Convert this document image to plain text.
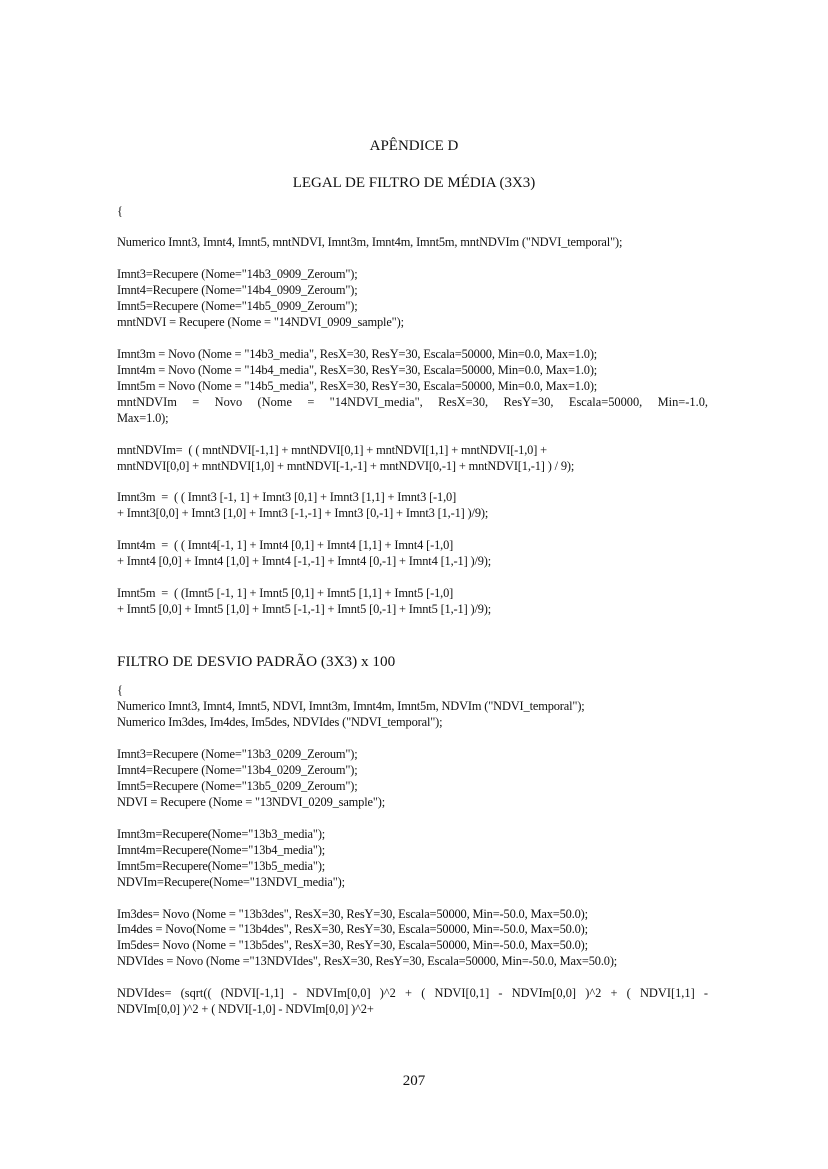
APÊNDICE D
LEGAL DE FILTRO DE MÉDIA (3X3)
{
Numerico Imnt3, Imnt4, Imnt5, mntNDVI, Imnt3m, Imnt4m, Imnt5m, mntNDVIm ("NDVI_temporal");
Imnt3=Recupere (Nome="14b3_0909_Zeroum");
Imnt4=Recupere (Nome="14b4_0909_Zeroum");
Imnt5=Recupere (Nome="14b5_0909_Zeroum");
mntNDVI = Recupere (Nome = "14NDVI_0909_sample");
Imnt3m = Novo (Nome = "14b3_media", ResX=30, ResY=30, Escala=50000, Min=0.0, Max=1.0);
Imnt4m = Novo (Nome = "14b4_media", ResX=30, ResY=30, Escala=50000, Min=0.0, Max=1.0);
Imnt5m = Novo (Nome = "14b5_media", ResX=30, ResY=30, Escala=50000, Min=0.0, Max=1.0);
mntNDVIm = Novo (Nome = "14NDVI_media", ResX=30, ResY=30, Escala=50000, Min=-1.0,
Max=1.0);
mntNDVIm=  ( ( mntNDVI[-1,1] + mntNDVI[0,1] + mntNDVI[1,1] + mntNDVI[-1,0] +
mntNDVI[0,0] + mntNDVI[1,0] + mntNDVI[-1,-1] + mntNDVI[0,-1] + mntNDVI[1,-1] ) / 9);
Imnt3m  =  ( ( Imnt3 [-1, 1] + Imnt3 [0,1] + Imnt3 [1,1] + Imnt3 [-1,0]
+ Imnt3[0,0] + Imnt3 [1,0] + Imnt3 [-1,-1] + Imnt3 [0,-1] + Imnt3 [1,-1] )/9);
Imnt4m  =  ( ( Imnt4[-1, 1] + Imnt4 [0,1] + Imnt4 [1,1] + Imnt4 [-1,0]
+ Imnt4 [0,0] + Imnt4 [1,0] + Imnt4 [-1,-1] + Imnt4 [0,-1] + Imnt4 [1,-1] )/9);
Imnt5m  =  ( (Imnt5 [-1, 1] + Imnt5 [0,1] + Imnt5 [1,1] + Imnt5 [-1,0]
+ Imnt5 [0,0] + Imnt5 [1,0] + Imnt5 [-1,-1] + Imnt5 [0,-1] + Imnt5 [1,-1] )/9);
FILTRO DE DESVIO PADRÃO (3X3) x 100
{
Numerico Imnt3, Imnt4, Imnt5, NDVI, Imnt3m, Imnt4m, Imnt5m, NDVIm ("NDVI_temporal");
Numerico Im3des, Im4des, Im5des, NDVIdes ("NDVI_temporal");
Imnt3=Recupere (Nome="13b3_0209_Zeroum");
Imnt4=Recupere (Nome="13b4_0209_Zeroum");
Imnt5=Recupere (Nome="13b5_0209_Zeroum");
NDVI = Recupere (Nome = "13NDVI_0209_sample");
Imnt3m=Recupere(Nome="13b3_media");
Imnt4m=Recupere(Nome="13b4_media");
Imnt5m=Recupere(Nome="13b5_media");
NDVIm=Recupere(Nome="13NDVI_media");
Im3des= Novo (Nome = "13b3des", ResX=30, ResY=30, Escala=50000, Min=-50.0, Max=50.0);
Im4des = Novo(Nome = "13b4des", ResX=30, ResY=30, Escala=50000, Min=-50.0, Max=50.0);
Im5des= Novo (Nome = "13b5des", ResX=30, ResY=30, Escala=50000, Min=-50.0, Max=50.0);
NDVIdes = Novo (Nome ="13NDVIdes", ResX=30, ResY=30, Escala=50000, Min=-50.0, Max=50.0);
NDVIdes= (sqrt(( (NDVI[-1,1] - NDVIm[0,0] )^2 + ( NDVI[0,1] - NDVIm[0,0] )^2 + ( NDVI[1,1] -
NDVIm[0,0] )^2 + ( NDVI[-1,0] - NDVIm[0,0] )^2+
207
